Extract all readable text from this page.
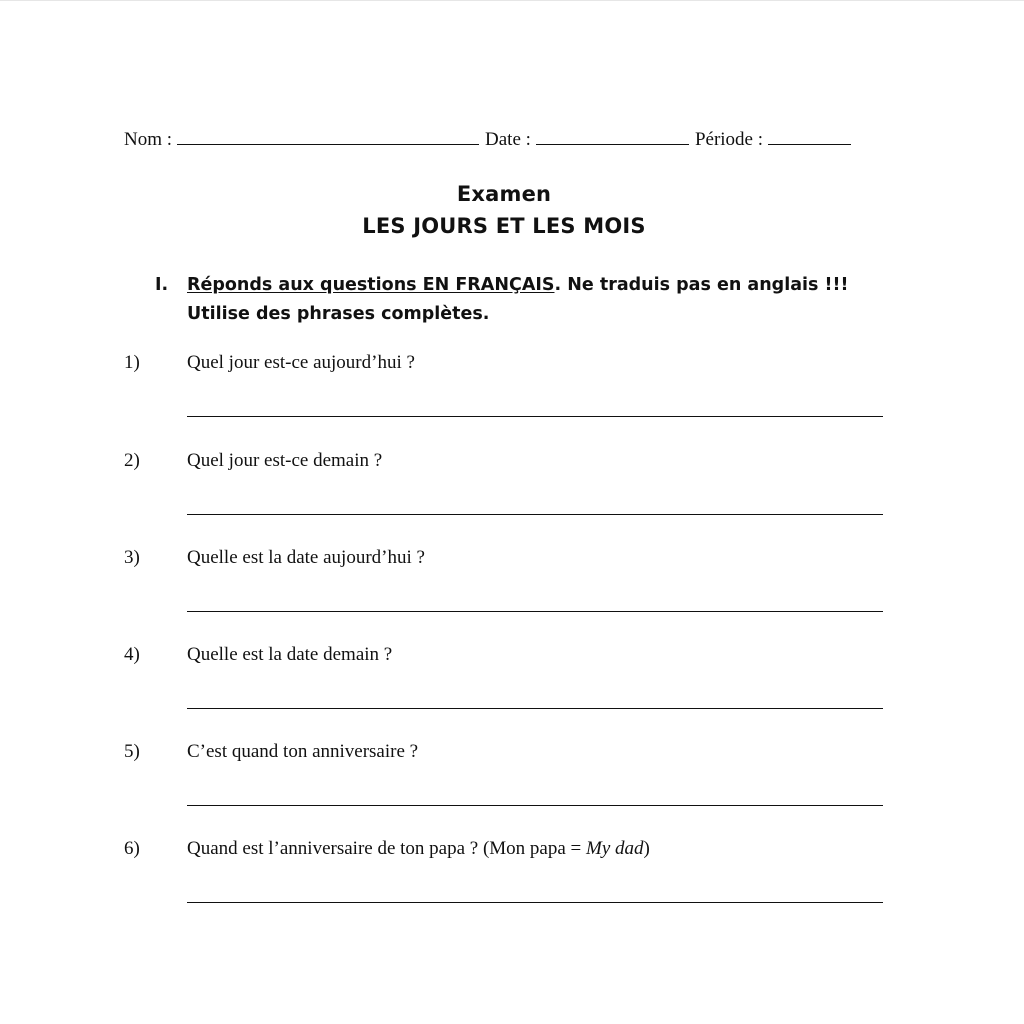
Nom :	Date :	Période :
Examen
LES JOURS ET LES MOIS
I. Réponds aux questions EN FRANÇAIS. Ne traduis pas en anglais !!!
Utilise des phrases complètes.
1) Quel jour est-ce aujourd’hui ?
2) Quel jour est-ce demain ?
3) Quelle est la date aujourd’hui ?
4) Quelle est la date demain ?
5) C’est quand ton anniversaire ?
6) Quand est l’anniversaire de ton papa ? (Mon papa = My dad)
